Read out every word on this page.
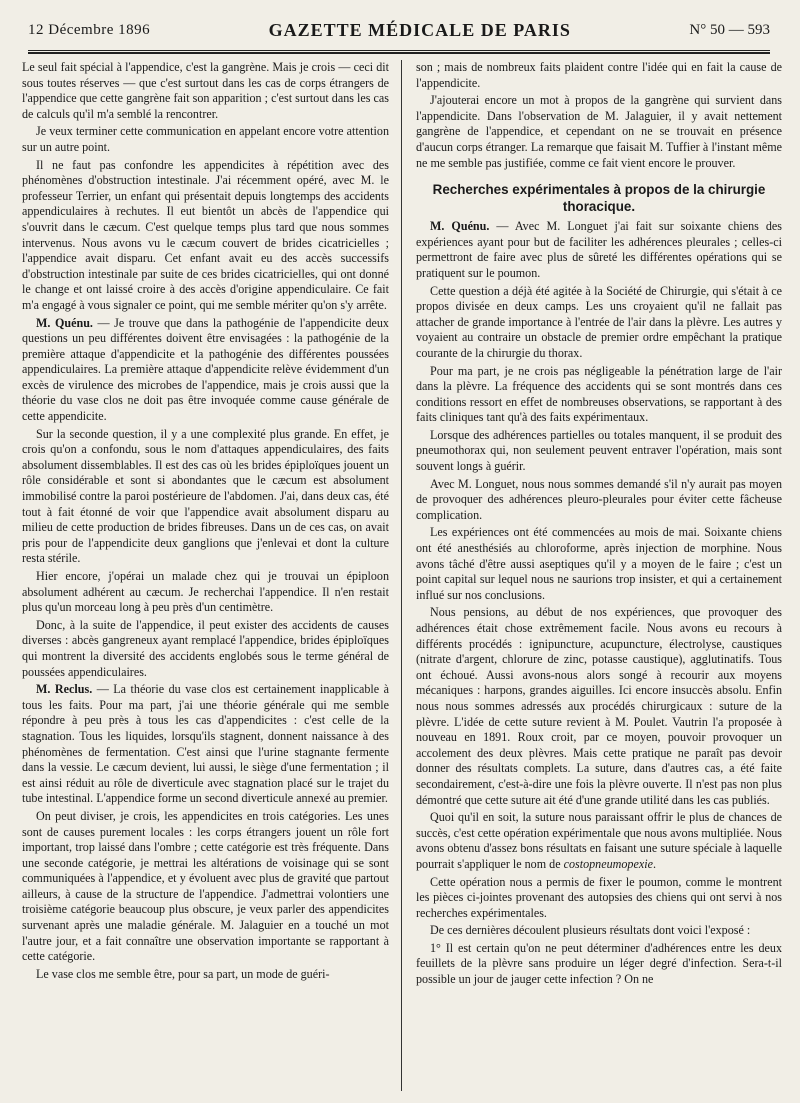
12 Décembre 1896	GAZETTE MÉDICALE DE PARIS	N° 50 — 593

Le seul fait spécial à l'appendice, c'est la gangrène. Mais je crois — ceci dit sous toutes réserves — que c'est surtout dans les cas de corps étrangers de l'appendice que cette gangrène fait son apparition ; c'est surtout dans les cas de calculs qu'il m'a semblé la rencontrer.

Je veux terminer cette communication en appelant encore votre attention sur un autre point.

Il ne faut pas confondre les appendicites à répétition avec des phénomènes d'obstruction intestinale. J'ai récemment opéré, avec M. le professeur Terrier, un enfant qui présentait depuis longtemps des accidents appendiculaires à rechutes. Il eut bientôt un abcès de l'appendice qui s'ouvrit dans le cæcum. C'est quelque temps plus tard que nous sommes intervenus. Nous avons vu le cæcum couvert de brides cicatricielles ; l'appendice avait disparu. Cet enfant avait eu des accès successifs d'obstruction intestinale par suite de ces brides cicatricielles, qui ont donné le change et ont laissé croire à des accès d'origine appendiculaire. Ce fait m'a engagé à vous signaler ce point, qui me semble mériter qu'on s'y arrête.

M. Quénu. — Je trouve que dans la pathogénie de l'appendicite deux questions un peu différentes doivent être envisagées : la pathogénie de la première attaque d'appendicite et la pathogénie des différentes poussées appendiculaires. La première attaque d'appendicite relève évidemment d'un excès de virulence des microbes de l'appendice, mais je crois aussi que la théorie du vase clos ne doit pas être invoquée comme cause générale de cette appendicite.

Sur la seconde question, il y a une complexité plus grande. En effet, je crois qu'on a confondu, sous le nom d'attaques appendiculaires, des faits absolument dissemblables. Il est des cas où les brides épiploïques jouent un rôle considérable et sont si abondantes que le cæcum est absolument immobilisé contre la paroi postérieure de l'abdomen. J'ai, dans deux cas, été tout à fait étonné de voir que l'appendice avait absolument disparu au milieu de cette production de brides fibreuses. Dans un de ces cas, on avait pris pour de l'appendicite deux ganglions que j'enlevai et dont la culture resta stérile.

Hier encore, j'opérai un malade chez qui je trouvai un épiploon absolument adhérent au cæcum. Je recherchai l'appendice. Il n'en restait plus qu'un morceau long à peu près d'un centimètre.

Donc, à la suite de l'appendice, il peut exister des accidents de causes diverses : abcès gangreneux ayant remplacé l'appendice, brides épiploïques qui montrent la diversité des accidents englobés sous le terme général de poussées appendiculaires.

M. Reclus. — La théorie du vase clos est certainement inapplicable à tous les faits. Pour ma part, j'ai une théorie générale qui me semble répondre à peu près à tous les cas d'appendicites : c'est celle de la stagnation. Tous les liquides, lorsqu'ils stagnent, donnent naissance à des phénomènes de fermentation. C'est ainsi que l'urine stagnante fermente dans la vessie. Le cæcum devient, lui aussi, le siège d'une fermentation ; il est ainsi réduit au rôle de diverticule avec stagnation placé sur le trajet du tube intestinal. L'appendice forme un second diverticule annexé au premier.

On peut diviser, je crois, les appendicites en trois catégories. Les unes sont de causes purement locales : les corps étrangers jouent un rôle fort important, trop laissé dans l'ombre ; cette catégorie est très fréquente. Dans une seconde catégorie, je mettrai les altérations de voisinage qui se sont communiquées à l'appendice, et y évoluent avec plus de gravité que partout ailleurs, à cause de la structure de l'appendice. J'admettrai volontiers une troisième catégorie beaucoup plus obscure, je veux parler des appendicites survenant après une maladie générale. M. Jalaguier en a touché un mot l'autre jour, et a fait connaître une observation importante se rapportant à cette catégorie.

Le vase clos me semble être, pour sa part, un mode de guéri-

son ; mais de nombreux faits plaident contre l'idée qui en fait la cause de l'appendicite.

J'ajouterai encore un mot à propos de la gangrène qui survient dans l'appendicite. Dans l'observation de M. Jalaguier, il y avait nettement gangrène de l'appendice, et cependant on ne se trouvait en présence d'aucun corps étranger. La remarque que faisait M. Tuffier à l'instant même ne me semble pas justifiée, comme ce fait vient encore le prouver.

Recherches expérimentales à propos de la chirurgie thoracique.

M. Quénu. — Avec M. Longuet j'ai fait sur soixante chiens des expériences ayant pour but de faciliter les adhérences pleurales ; celles-ci permettront de faire avec plus de sûreté les différentes opérations qui se pratiquent sur le poumon.

Cette question a déjà été agitée à la Société de Chirurgie, qui s'était à ce propos divisée en deux camps. Les uns croyaient qu'il ne fallait pas attacher de grande importance à l'entrée de l'air dans la plèvre. Les autres y voyaient au contraire un obstacle de premier ordre empêchant la pratique courante de la chirurgie du thorax.

Pour ma part, je ne crois pas négligeable la pénétration large de l'air dans la plèvre. La fréquence des accidents qui se sont montrés dans ces conditions ressort en effet de nombreuses observations, se rapportant à des faits cliniques tant qu'à des faits expérimentaux.

Lorsque des adhérences partielles ou totales manquent, il se produit des pneumothorax qui, non seulement peuvent entraver l'opération, mais sont souvent longs à guérir.

Avec M. Longuet, nous nous sommes demandé s'il n'y aurait pas moyen de provoquer des adhérences pleuro-pleurales pour éviter cette fâcheuse complication.

Les expériences ont été commencées au mois de mai. Soixante chiens ont été anesthésiés au chloroforme, après injection de morphine. Nous avons tâché d'être aussi aseptiques qu'il y a moyen de le faire ; c'est un point capital sur lequel nous ne saurions trop insister, et qui a certainement influé sur nos conclusions.

Nous pensions, au début de nos expériences, que provoquer des adhérences était chose extrêmement facile. Nous avons eu recours à différents procédés : ignipuncture, acupuncture, électrolyse, caustiques (nitrate d'argent, chlorure de zinc, potasse caustique), agglutinatifs. Tous ont échoué. Aussi avons-nous alors songé à recourir aux moyens mécaniques : harpons, grandes aiguilles. Ici encore insuccès absolu. Enfin nous nous sommes adressés aux procédés chirurgicaux : suture de la plèvre. L'idée de cette suture revient à M. Poulet. Vautrin l'a proposée à nouveau en 1891. Roux croit, par ce moyen, pouvoir provoquer un accolement des deux plèvres. Mais cette pratique ne paraît pas devoir donner des résultats complets. La suture, dans d'autres cas, a été faite secondairement, c'est-à-dire une fois la plèvre ouverte. Il n'est pas non plus démontré que cette suture ait été d'une grande utilité dans les cas publiés.

Quoi qu'il en soit, la suture nous paraissant offrir le plus de chances de succès, c'est cette opération expérimentale que nous avons multipliée. Nous avons obtenu d'assez bons résultats en faisant une suture spéciale à laquelle pourrait s'appliquer le nom de costopneumopexie.

Cette opération nous a permis de fixer le poumon, comme le montrent les pièces ci-jointes provenant des autopsies des chiens qui ont servi à nos recherches expérimentales.

De ces dernières découlent plusieurs résultats dont voici l'exposé :

1° Il est certain qu'on ne peut déterminer d'adhérences entre les deux feuillets de la plèvre sans produire un léger degré d'infection. Sera-t-il possible un jour de jauger cette infection ? On ne
